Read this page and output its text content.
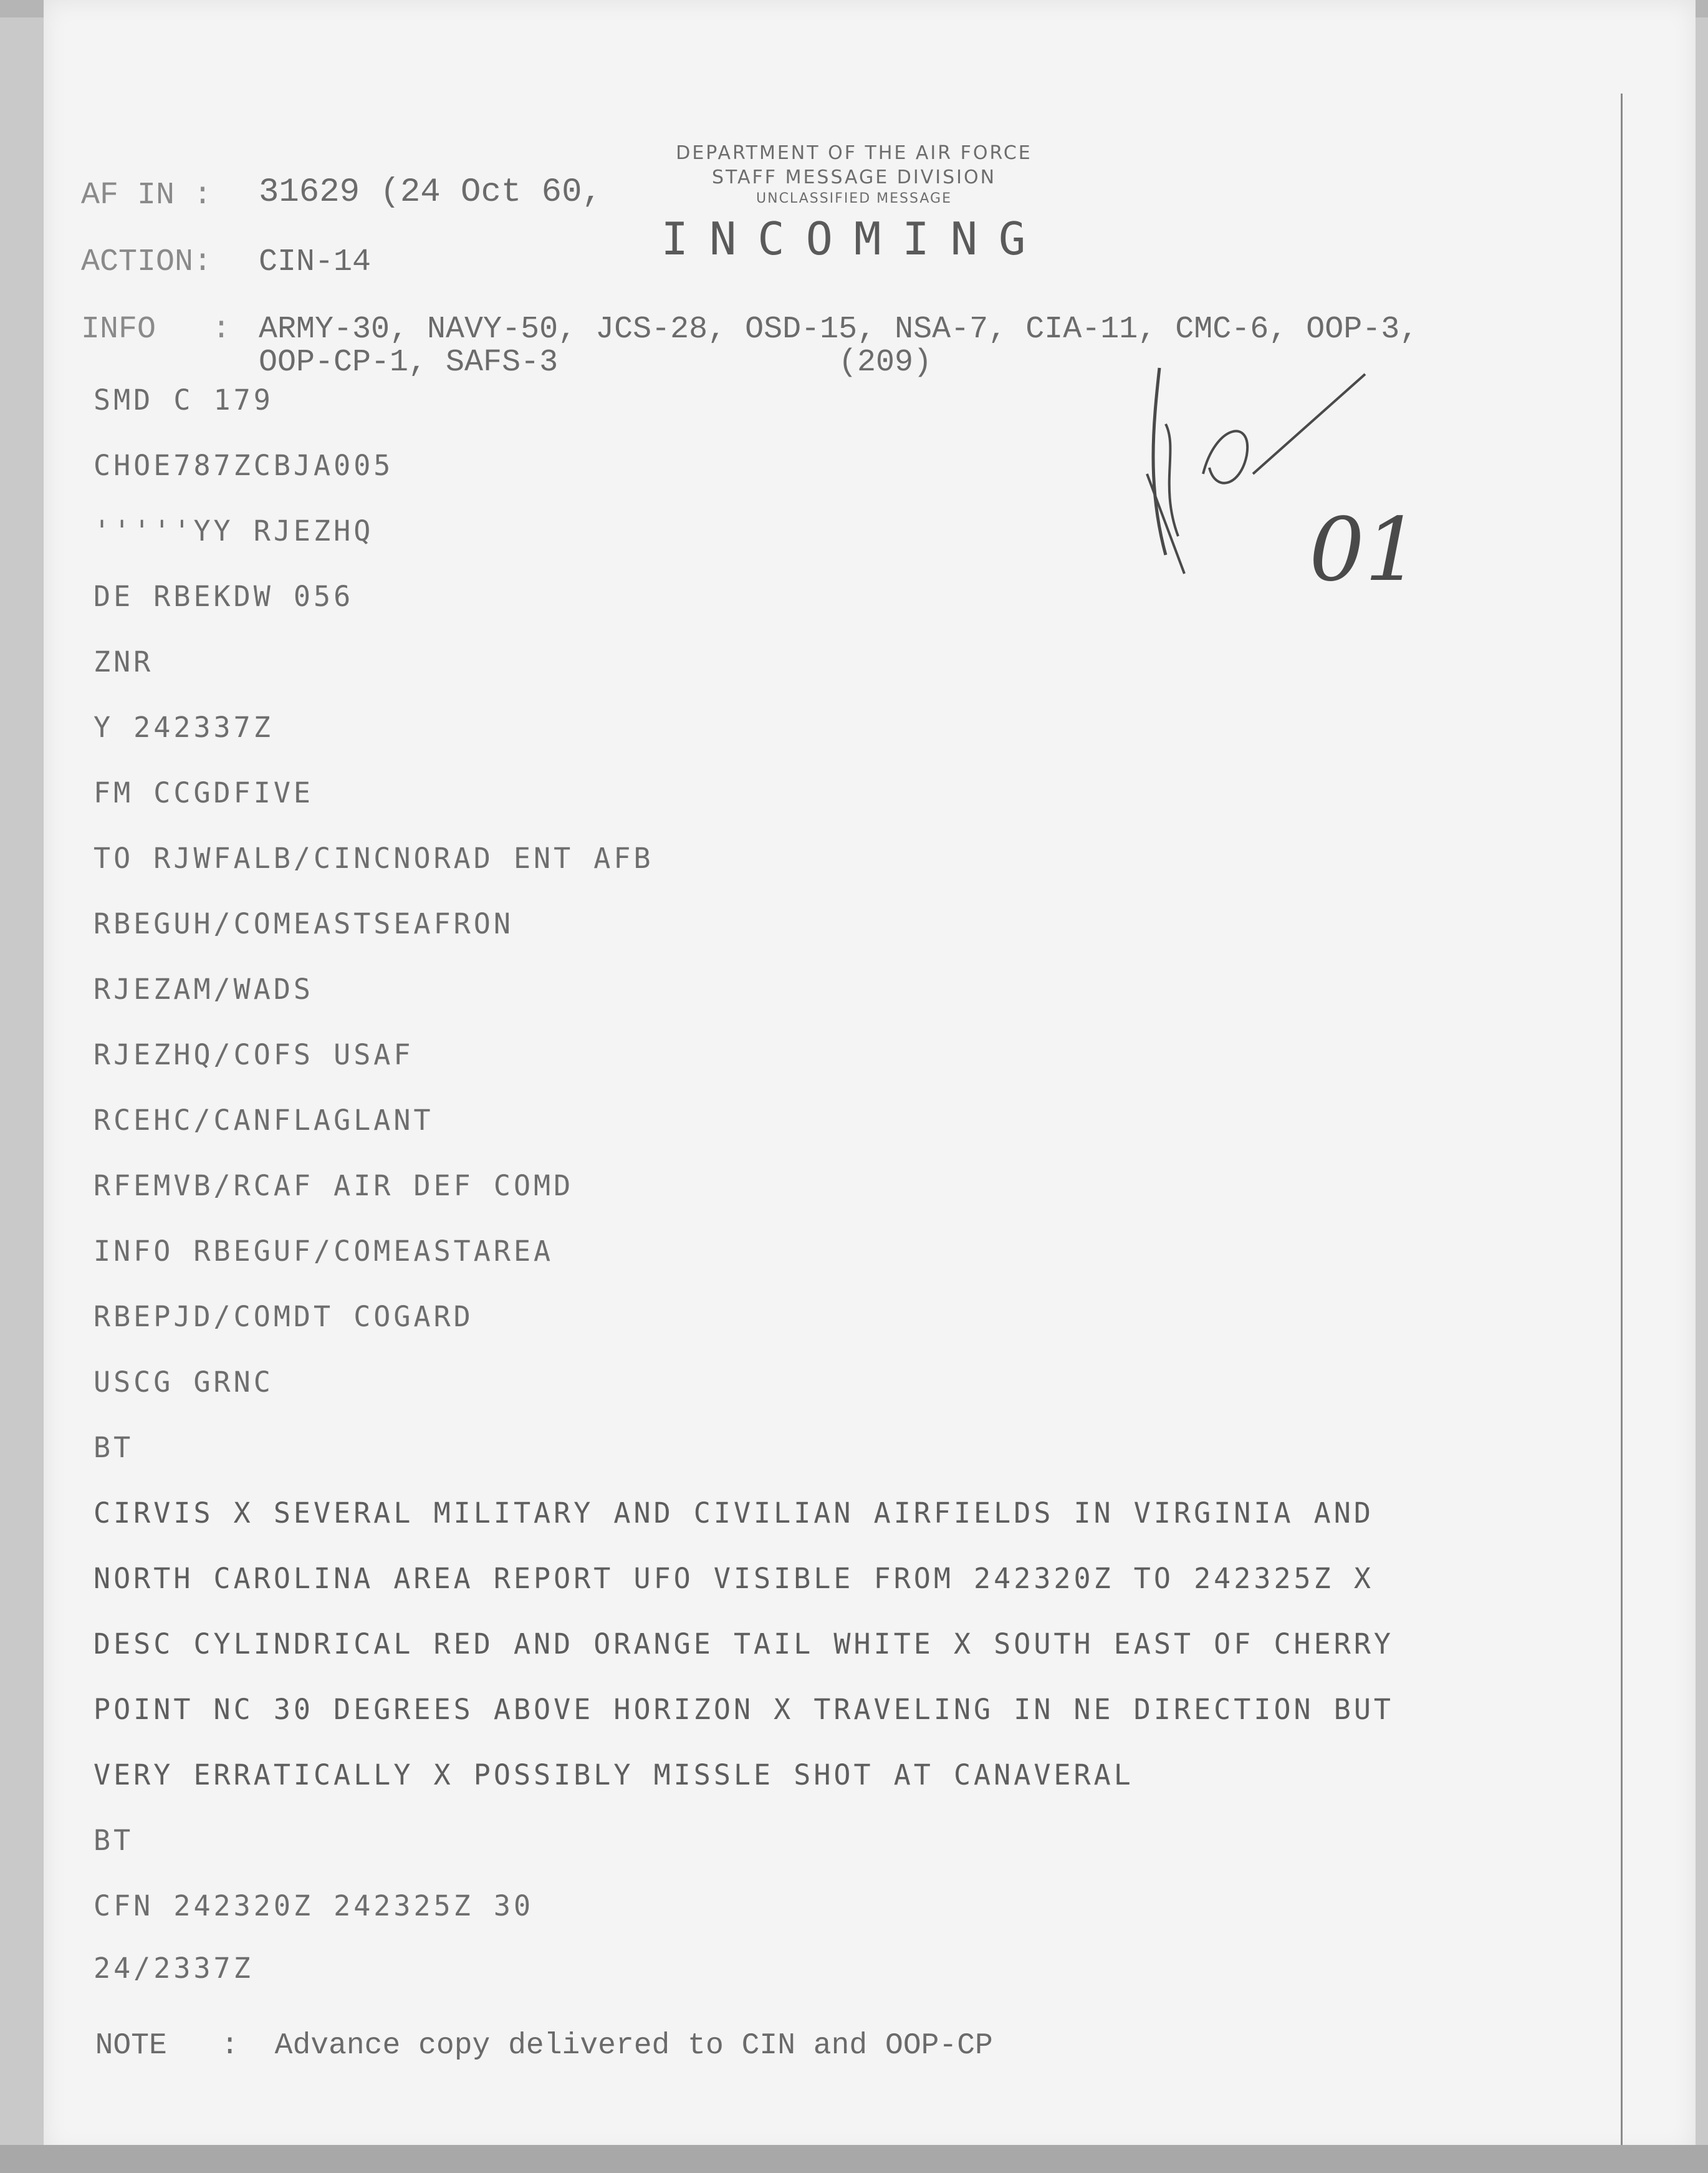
DEPARTMENT OF THE AIR FORCE
STAFF MESSAGE DIVISION
UNCLASSIFIED MESSAGE
INCOMING
AF IN : 31629 (24 Oct 60,
ACTION: CIN-14
INFO   : ARMY-30, NAVY-50, JCS-28, OSD-15, NSA-7, CIA-11, CMC-6, OOP-3,
OOP-CP-1, SAFS-3	(209)
SMD C 179
CHOE787ZCBJA005
'''''YY RJEZHQ
DE RBEKDW 056
ZNR
Y 242337Z
FM CCGDFIVE
TO RJWFALB/CINCNORAD ENT AFB
RBEGUH/COMEASTSEAFRON
RJEZAM/WADS
RJEZHQ/COFS USAF
RCEHC/CANFLAGLANT
RFEMVB/RCAF AIR DEF COMD
INFO RBEGUF/COMEASTAREA
RBEPJD/COMDT COGARD
USCG GRNC
BT
CIRVIS X SEVERAL MILITARY AND CIVILIAN AIRFIELDS IN VIRGINIA AND
NORTH CAROLINA AREA REPORT UFO VISIBLE FROM 242320Z TO 242325Z X
DESC CYLINDRICAL RED AND ORANGE TAIL WHITE X SOUTH EAST OF CHERRY
POINT NC 30 DEGREES ABOVE HORIZON X TRAVELING IN NE DIRECTION BUT
VERY ERRATICALLY X POSSIBLY MISSLE SHOT AT CANAVERAL
BT
CFN 242320Z 242325Z 30
24/2337Z

NOTE   : Advance copy delivered to CIN and OOP-CP

01
